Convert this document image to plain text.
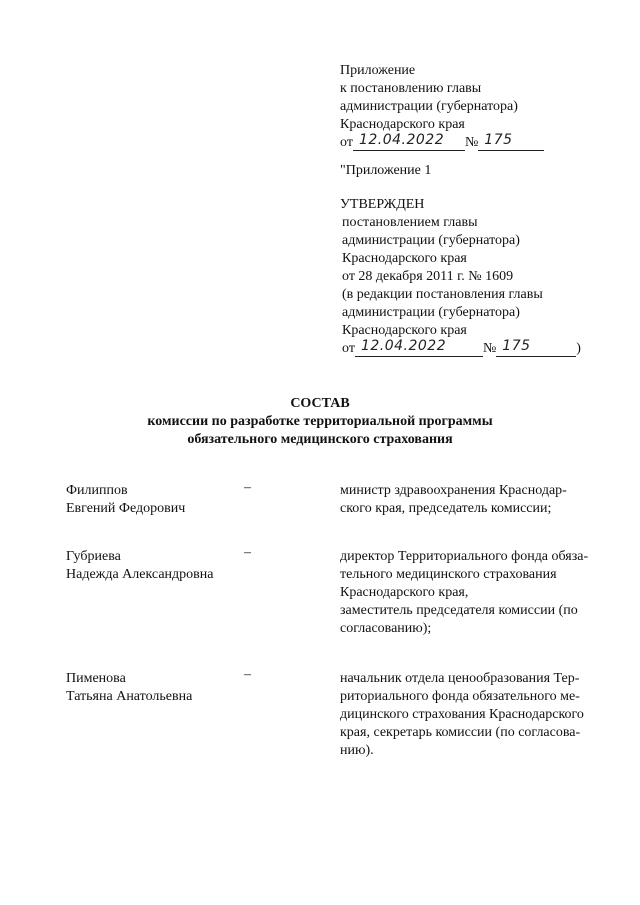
Приложение
к постановлению главы
администрации (губернатора)
Краснодарского края
от 12.04.2022 № 175
"Приложение 1
УТВЕРЖДЕН
постановлением главы
администрации (губернатора)
Краснодарского края
от 28 декабря 2011 г. № 1609
(в редакции постановления главы
администрации (губернатора)
Краснодарского края
от 12.04.2022	№ 175	)
СОСТАВ
комиссии по разработке территориальной программы
обязательного медицинского страхования
Филиппов
Евгений Федорович
–	министр здравоохранения Краснодар-
ского края, председатель комиссии;
Губриева
Надежда Александровна
–	директор Территориального фонда обяза-
тельного медицинского страхования
Краснодарского края,
заместитель председателя комиссии (по
согласованию);
Пименова
Татьяна Анатольевна
–	начальник отдела ценообразования Тер-
риториального фонда обязательного ме-
дицинского страхования Краснодарского
края, секретарь комиссии (по согласова-
нию).
